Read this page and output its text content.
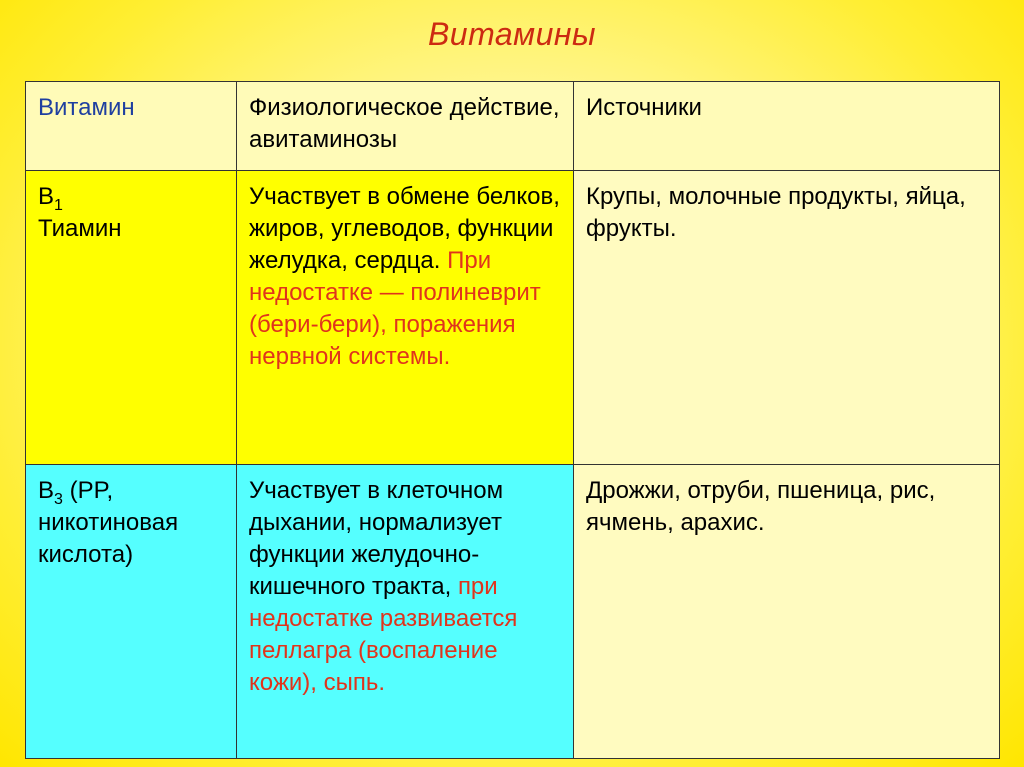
Витамины
Витамин	Физиологическое действие, авитаминозы	Источники
$B_1$
Тиамин	Участвует в обмене белков, жиров, углеводов, функции желудка, сердца. При недостатке — полиневрит (бери-бери), поражения нервной системы.	Крупы, молочные продукты, яйца, фрукты.
$B_3$ (PP,
никотиновая кислота)	Участвует в клеточном дыхании, нормализует функции желудочно-кишечного тракта, при недостатке развивается пеллагра (воспаление кожи), сыпь.	Дрожжи, отруби, пшеница, рис, ячмень, арахис.
